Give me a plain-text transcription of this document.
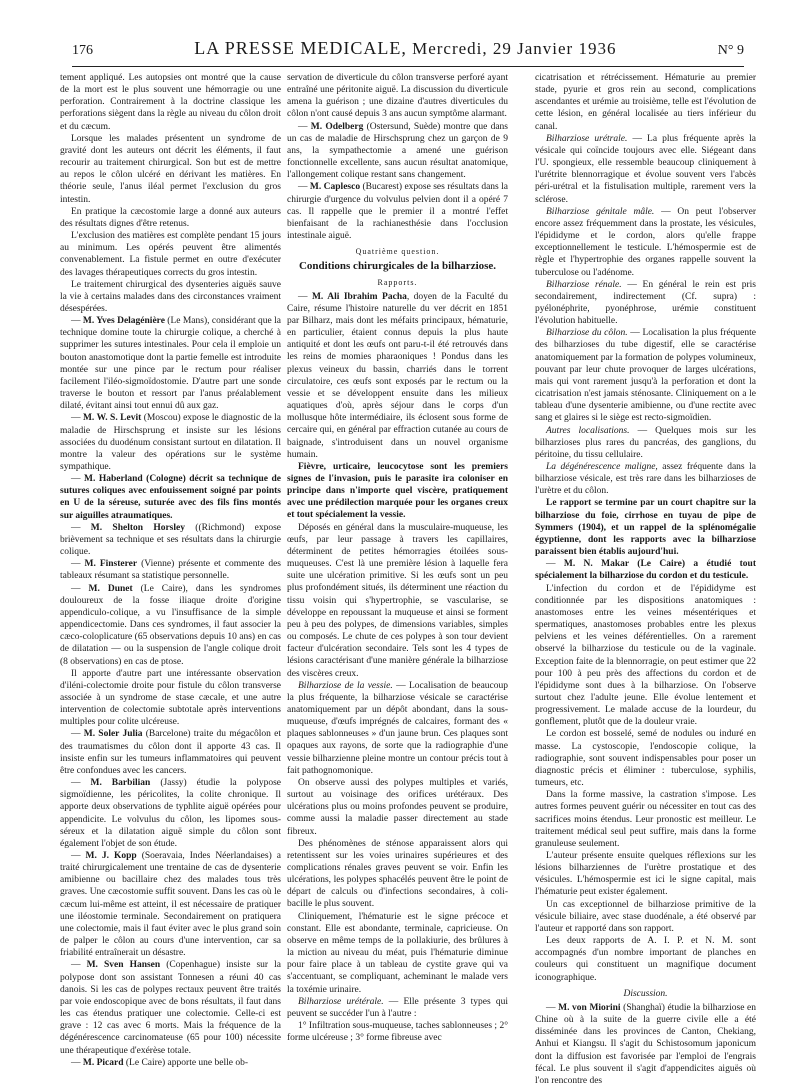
176	LA PRESSE MEDICALE, Mercredi, 29 Janvier 1936	N° 9

tement appliqué. Les autopsies ont montré que la cause de la mort est le plus souvent une hémorragie ou une perforation. Contrairement à la doctrine classique les perforations siègent dans la règle au niveau du côlon droit et du cæcum.

Lorsque les malades présentent un syndrome de gravité dont les auteurs ont décrit les éléments, il faut recourir au traitement chirurgical. Son but est de mettre au repos le côlon ulcéré en dérivant les matières. En théorie seule, l'anus iléal permet l'exclusion du gros intestin.

En pratique la cæcostomie large a donné aux auteurs des résultats dignes d'être retenus.

L'exclusion des matières est complète pendant 15 jours au minimum. Les opérés peuvent être alimentés convenablement. La fistule permet en outre d'exécuter des lavages thérapeutiques corrects du gros intestin.

Le traitement chirurgical des dysenteries aiguës sauve la vie à certains malades dans des circonstances vraiment désespérées.

— M. Yves Delagénière (Le Mans), considérant que la technique domine toute la chirurgie colique, a cherché à supprimer les sutures intestinales. Pour cela il emploie un bouton anastomotique dont la partie femelle est introduite montée sur une pince par le rectum pour réaliser facilement l'iléo-sigmoïdostomie. D'autre part une sonde traverse le bouton et ressort par l'anus préalablement dilaté, évitant ainsi tout ennui dû aux gaz.

— M. W. S. Levit (Moscou) expose le diagnostic de la maladie de Hirschsprung et insiste sur les lésions associées du duodénum consistant surtout en dilatation. Il montre la valeur des opérations sur le système sympathique.

— M. Haberland (Cologne) décrit sa technique de sutures coliques avec enfouissement soigné par points en U de la séreuse, suturée avec des fils fins montés sur aiguilles atraumatiques.

— M. Shelton Horsley ((Richmond) expose brièvement sa technique et ses résultats dans la chirurgie colique.

— M. Finsterer (Vienne) présente et commente des tableaux résumant sa statistique personnelle.

— M. Dunet (Le Caire), dans les syndromes douloureux de la fosse iliaque droite d'origine appendiculo-colique, a vu l'insuffisance de la simple appendicectomie. Dans ces syndromes, il faut associer la cæco-coloplicature (65 observations depuis 10 ans) en cas de dilatation — ou la suspension de l'angle colique droit (8 observations) en cas de ptose.

Il apporte d'autre part une intéressante observation d'iléni-colectomie droite pour fistule du côlon transverse associée à un syndrome de stase cæcale, et une autre intervention de colectomie subtotale après interventions multiples pour colite ulcéreuse.

— M. Soler Julia (Barcelone) traite du mégacôlon et des traumatismes du côlon dont il apporte 43 cas. Il insiste enfin sur les tumeurs inflammatoires qui peuvent être confondues avec les cancers.

— M. Barbilian (Jassy) étudie la polypose sigmoïdienne, les péricolites, la colite chronique. Il apporte deux observations de typhlite aiguë opérées pour appendicite. Le volvulus du côlon, les lipomes sous-séreux et la dilatation aiguë simple du côlon sont également l'objet de son étude.

— M. J. Kopp (Soeravaia, Indes Néerlandaises) a traité chirurgicalement une trentaine de cas de dysenterie amibienne ou bacillaire chez des malades tous très graves. Une cæcostomie suffit souvent. Dans les cas où le cæcum lui-même est atteint, il est nécessaire de pratiquer une iléostomie terminale. Secondairement on pratiquera une colectomie, mais il faut éviter avec le plus grand soin de palper le côlon au cours d'une intervention, car sa friabilité entraînerait un désastre.

— M. Sven Hansen (Copenhague) insiste sur la polypose dont son assistant Tonnesen a réuni 40 cas danois. Si les cas de polypes rectaux peuvent être traités par voie endoscopique avec de bons résultats, il faut dans les cas étendus pratiquer une colectomie. Celle-ci est grave : 12 cas avec 6 morts. Mais la fréquence de la dégénérescence carcinomateuse (65 pour 100) nécessite une thérapeutique d'exérèse totale.

— M. Picard (Le Caire) apporte une belle ob-

servation de diverticule du côlon transverse perforé ayant entraîné une péritonite aiguë. La discussion du diverticule amena la guérison ; une dizaine d'autres diverticules du côlon n'ont causé depuis 3 ans aucun symptôme alarmant.

— M. Odelberg (Ostersund, Suède) montre que dans un cas de maladie de Hirschsprung chez un garçon de 9 ans, la sympathectomie a amené une guérison fonctionnelle excellente, sans aucun résultat anatomique, l'allongement colique restant sans changement.

— M. Caplesco (Bucarest) expose ses résultats dans la chirurgie d'urgence du volvulus pelvien dont il a opéré 7 cas. Il rappelle que le premier il a montré l'effet bienfaisant de la rachianesthésie dans l'occlusion intestinale aiguë.

Quatrième question.

Conditions chirurgicales de la bilharziose.

Rapports.

— M. Ali Ibrahim Pacha, doyen de la Faculté du Caire, résume l'histoire naturelle du ver décrit en 1851 par Bilharz, mais dont les méfaits principaux, hématurie, en particulier, étaient connus depuis la plus haute antiquité et dont les œufs ont paru-t-il été retrouvés dans les reins de momies pharaoniques ! Pondus dans les plexus veineux du bassin, charriés dans le torrent circulatoire, ces œufs sont exposés par le rectum ou la vessie et se développent ensuite dans les milieux aquatiques d'où, après séjour dans le corps d'un mollusque hôte intermédiaire, ils éclosent sous forme de cercaire qui, en général par effraction cutanée au cours de baignade, s'introduisent dans un nouvel organisme humain.

Fièvre, urticaire, leucocytose sont les premiers signes de l'invasion, puis le parasite ira coloniser en principe dans n'importe quel viscère, pratiquement avec une prédilection marquée pour les organes creux et tout spécialement la vessie.

Déposés en général dans la musculaire-muqueuse, les œufs, par leur passage à travers les capillaires, déterminent de petites hémorragies étoilées sous-muqueuses. C'est là une première lésion à laquelle fera suite une ulcération primitive. Si les œufs sont un peu plus profondément situés, ils déterminent une réaction du tissu voisin qui s'hypertrophie, se vascularise, se développe en repoussant la muqueuse et ainsi se forment peu à peu des polypes, de dimensions variables, simples ou composés. Le chute de ces polypes à son tour devient facteur d'ulcération secondaire. Tels sont les 4 types de lésions caractérisant d'une manière générale la bilharziose des viscères creux.

Bilharziose de la vessie. — Localisation de beaucoup la plus fréquente, la bilharziose vésicale se caractérise anatomiquement par un dépôt abondant, dans la sous-muqueuse, d'œufs imprégnés de calcaires, formant des « plaques sablonneuses » d'un jaune brun. Ces plaques sont opaques aux rayons, de sorte que la radiographie d'une vessie bilharzienne pleine montre un contour précis tout à fait pathognomonique.

On observe aussi des polypes multiples et variés, surtout au voisinage des orifices urétéraux. Des ulcérations plus ou moins profondes peuvent se produire, comme aussi la maladie passer directement au stade fibreux.

Des phénomènes de sténose apparaissent alors qui retentissent sur les voies urinaires supérieures et des complications rénales graves peuvent se voir. Enfin les ulcérations, les polypes sphacélés peuvent être le point de départ de calculs ou d'infections secondaires, à coli-bacille le plus souvent.

Cliniquement, l'hématurie est le signe précoce et constant. Elle est abondante, terminale, capricieuse. On observe en même temps de la pollakiurie, des brûlures à la miction au niveau du méat, puis l'hématurie diminue pour faire place à un tableau de cystite grave qui va s'accentuant, se compliquant, acheminant le malade vers la toxémie urinaire.

Bilharziose urétérale. — Elle présente 3 types qui peuvent se succéder l'un à l'autre :

1° Infiltration sous-muqueuse, taches sablonneuses ; 2° forme ulcéreuse ; 3° forme fibreuse avec

cicatrisation et rétrécissement. Hématurie au premier stade, pyurie et gros rein au second, complications ascendantes et urémie au troisième, telle est l'évolution de cette lésion, en général localisée au tiers inférieur du canal.

Bilharziose urétrale. — La plus fréquente après la vésicale qui coïncide toujours avec elle. Siégeant dans l'U. spongieux, elle ressemble beaucoup cliniquement à l'urétrite blennorragique et évolue souvent vers l'abcès péri-urétral et la fistulisation multiple, rarement vers la sclérose.

Bilharziose génitale mâle. — On peut l'observer encore assez fréquemment dans la prostate, les vésicules, l'épididyme et le cordon, alors qu'elle frappe exceptionnellement le testicule. L'hémospermie est de règle et l'hypertrophie des organes rappelle souvent la tuberculose ou l'adénome.

Bilharziose rénale. — En général le rein est pris secondairement, indirectement (Cf. supra) : pyélonéphrite, pyonéphrose, urémie constituent l'évolution habituelle.

Bilharziose du côlon. — Localisation la plus fréquente des bilharzioses du tube digestif, elle se caractérise anatomiquement par la formation de polypes volumineux, pouvant par leur chute provoquer de larges ulcérations, mais qui vont rarement jusqu'à la perforation et dont la cicatrisation n'est jamais sténosante. Cliniquement on a le tableau d'une dysenterie amibienne, ou d'une rectite avec sang et glaires si le siège est recto-sigmoïdien.

Autres localisations. — Quelques mois sur les bilharzioses plus rares du pancréas, des ganglions, du péritoine, du tissu cellulaire.

La dégénérescence maligne, assez fréquente dans la bilharziose vésicale, est très rare dans les bilharzioses de l'urètre et du côlon.

Le rapport se termine par un court chapitre sur la bilharziose du foie, cirrhose en tuyau de pipe de Symmers (1904), et un rappel de la splénomégalie égyptienne, dont les rapports avec la bilharziose paraissent bien établis aujourd'hui.

— M. N. Makar (Le Caire) a étudié tout spécialement la bilharziose du cordon et du testicule.

L'infection du cordon et de l'épididyme est conditionnée par les dispositions anatomiques : anastomoses entre les veines mésentériques et spermatiques, anastomoses probables entre les plexus pelviens et les veines déférentielles. On a rarement observé la bilharziose du testicule ou de la vaginale. Exception faite de la blennorragie, on peut estimer que 22 pour 100 à peu près des affections du cordon et de l'épididyme sont dues à la bilharziose. On l'observe surtout chez l'adulte jeune. Elle évolue lentement et progressivement. Le malade accuse de la lourdeur, du gonflement, plutôt que de la douleur vraie.

Le cordon est bosselé, semé de nodules ou induré en masse. La cystoscopie, l'endoscopie colique, la radiographie, sont souvent indispensables pour poser un diagnostic précis et éliminer : tuberculose, syphilis, tumeurs, etc.

Dans la forme massive, la castration s'impose. Les autres formes peuvent guérir ou nécessiter en tout cas des sacrifices moins étendus. Leur pronostic est meilleur. Le traitement médical seul peut suffire, mais dans la forme granuleuse seulement.

L'auteur présente ensuite quelques réflexions sur les lésions bilharziennes de l'urètre prostatique et des vésicules. L'hémospermie est ici le signe capital, mais l'hématurie peut exister également.

Un cas exceptionnel de bilharziose primitive de la vésicule biliaire, avec stase duodénale, a été observé par l'auteur et rapporté dans son rapport.

Les deux rapports de A. I. P. et N. M. sont accompagnés d'un nombre important de planches en couleurs qui constituent un magnifique document iconographique.

Discussion.

— M. von Miorini (Shanghaï) étudie la bilharziose en Chine où à la suite de la guerre civile elle a été disséminée dans les provinces de Canton, Chekiang, Anhui et Kiangsu. Il s'agit du Schistosomum japonicum dont la diffusion est favorisée par l'emploi de l'engrais fécal. Le plus souvent il s'agit d'appendicites aiguës où l'on rencontre des
